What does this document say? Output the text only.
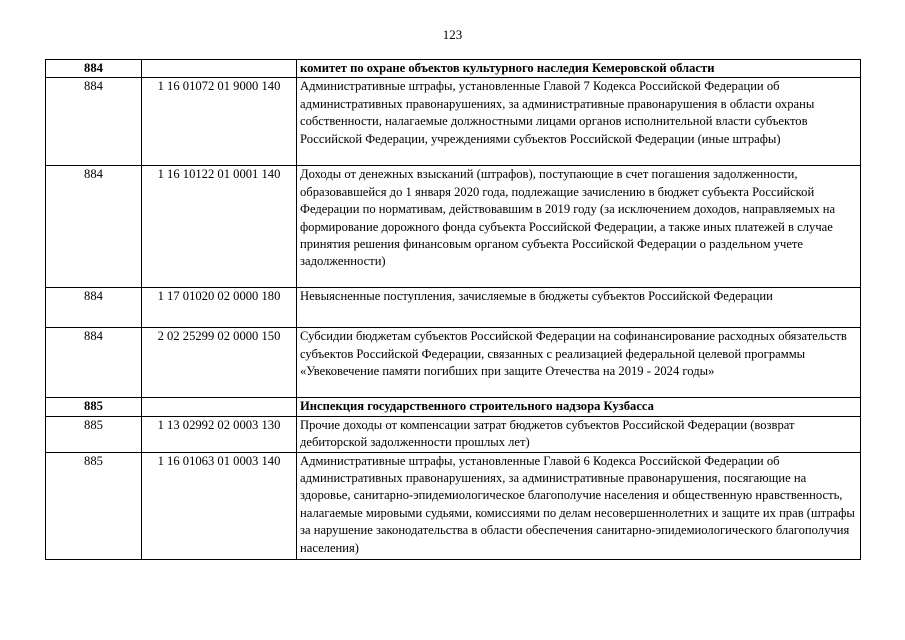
123
884		комитет по охране объектов культурного наследия Кемеровской области
884	1 16 01072 01 9000 140	Административные штрафы, установленные Главой 7 Кодекса Российской Федерации об административных правонарушениях, за административные правонарушения в области охраны собственности, налагаемые должностными лицами органов исполнительной власти субъектов Российской Федерации, учреждениями субъектов Российской Федерации (иные штрафы)
884	1 16 10122 01 0001 140	Доходы от денежных взысканий (штрафов), поступающие в счет погашения задолженности, образовавшейся до 1 января 2020 года, подлежащие зачислению в бюджет субъекта Российской Федерации по нормативам, действовавшим в 2019 году (за исключением доходов, направляемых на формирование дорожного фонда субъекта Российской Федерации, а также иных платежей в случае принятия решения финансовым органом субъекта Российской Федерации о раздельном учете задолженности)
884	1 17 01020 02 0000 180	Невыясненные поступления, зачисляемые в бюджеты субъектов Российской Федерации
884	2 02 25299 02 0000 150	Субсидии бюджетам субъектов Российской Федерации на софинансирование расходных обязательств субъектов Российской Федерации, связанных с реализацией федеральной целевой программы «Увековечение памяти погибших при защите Отечества на 2019 - 2024 годы»
885		Инспекция государственного строительного надзора Кузбасса
885	1 13 02992 02 0003 130	Прочие доходы от компенсации затрат бюджетов субъектов Российской Федерации (возврат дебиторской задолженности прошлых лет)
885	1 16 01063 01 0003 140	Административные штрафы, установленные Главой 6 Кодекса Российской Федерации об административных правонарушениях, за административные правонарушения, посягающие на здоровье, санитарно-эпидемиологическое благополучие населения и общественную нравственность, налагаемые мировыми судьями, комиссиями по делам несовершеннолетних и защите их прав (штрафы за нарушение законодательства в области обеспечения санитарно-эпидемиологического благополучия населения)
